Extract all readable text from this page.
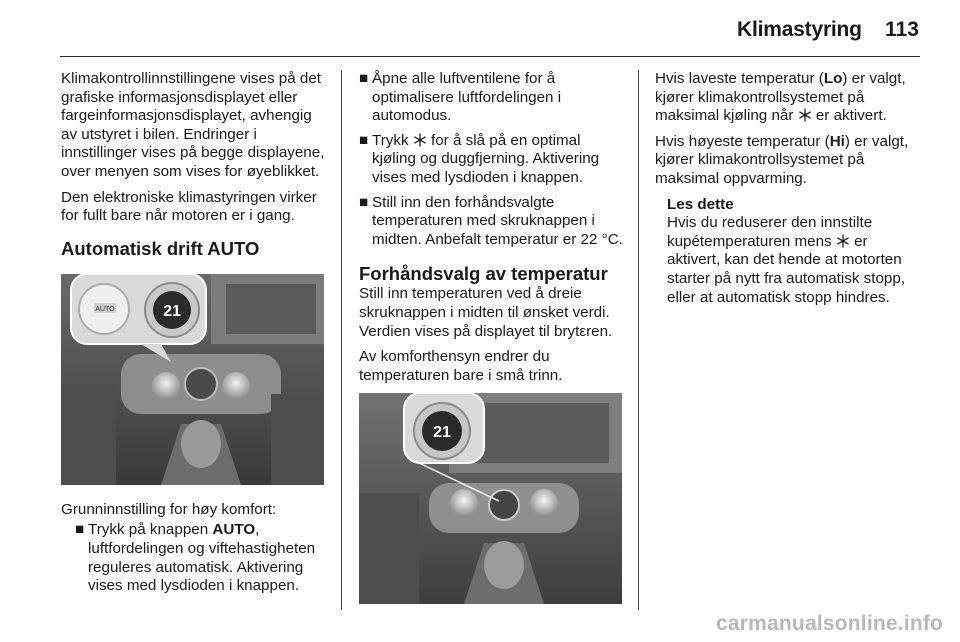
Klimastyring 113

Klimakontrollinnstillingene vises på det grafiske informasjonsdisplayet eller fargeinformasjonsdisplayet, avhengig av utstyret i bilen. Endringer i innstillinger vises på begge displayene, over menyen som vises for øyeblikket.

Den elektroniske klimastyringen virker for fullt bare når motoren er i gang.

Automatisk drift AUTO
AUTO	21

Grunninnstilling for høy komfort:

■ Trykk på knappen AUTO, luftfordelingen og viftehastigheten reguleres automatisk. Aktivering vises med lysdioden i knappen.
■ Åpne alle luftventilene for å optimalisere luftfordelingen i automodus.
■ Trykk  for å slå på en optimal kjøling og duggfjerning. Aktivering vises med lysdioden i knappen.
■ Still inn den forhåndsvalgte temperaturen med skruknappen i midten. Anbefalt temperatur er 22 °C.
Forhåndsvalg av temperatur

Still inn temperaturen ved å dreie skruknappen i midten til ønsket verdi. Verdien vises på displayet til brytεren.

Av komforthensyn endrer du temperaturen bare i små trinn.

21

Hvis laveste temperatur (Lo) er valgt, kjører klimakontrollsystemet på maksimal kjøling når  er aktivert.

Hvis høyeste temperatur (Hi) er valgt, kjører klimakontrollsystemet på maksimal oppvarming.

Les dette
Hvis du reduserer den innstilte kupétemperaturen mens  er aktivert, kan det hende at motorten starter på nytt fra automatisk stopp, eller at automatisk stopp hindres.
carmanualsonline.info
